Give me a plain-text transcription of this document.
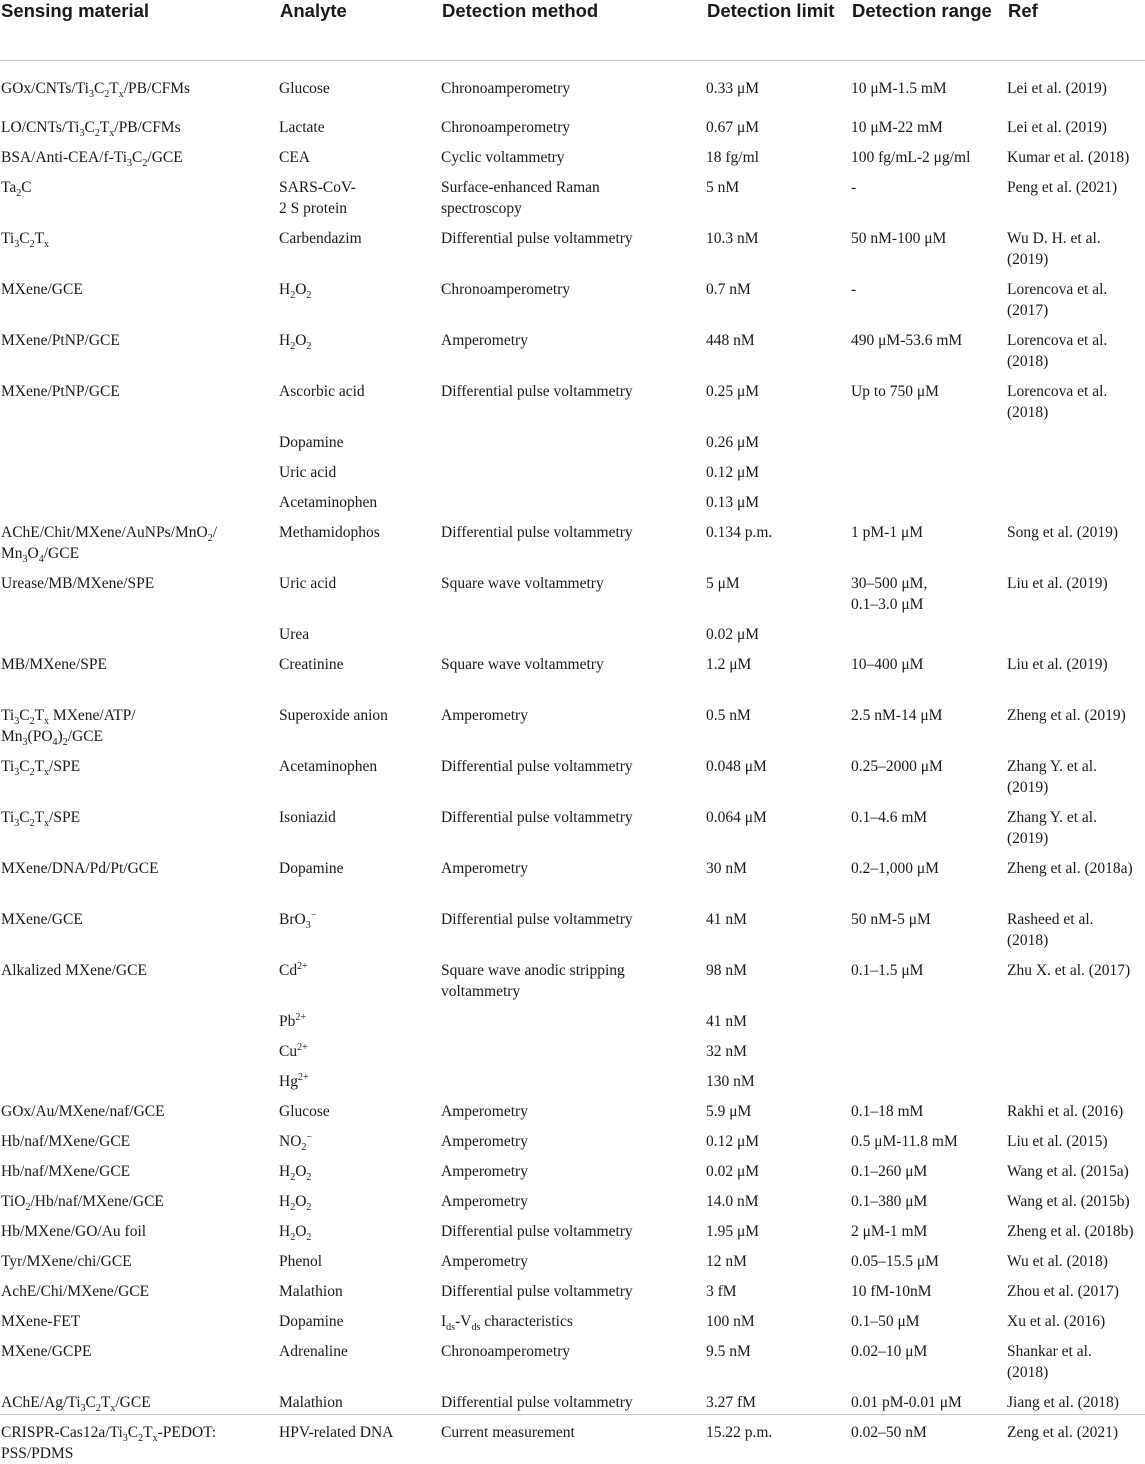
Sensing material	Analyte	Detection method	Detection limit	Detection range	Ref
GOx/$CNTs/Ti_3C_2T_x/PB$/CFMs	Glucose	Chronoamperometry	0.33 μM	10 μM-1.5 mM	Lei et al. (2019)
$LO/CNTs/Ti_3C_2T_x/PB$/CFMs	Lactate	Chronoamperometry	0.67 μM	10 μM-22 mM	Lei et al. (2019)
BSA/$Anti-CEA/f-Ti_3C_2$/GCE	CEA	Cyclic voltammetry	18 fg/ml	100 fg/mL-2 μg/ml	Kumar et al. (2018)
$Ta_2C$	SARS-CoV-
2 S protein	Surface-enhanced Raman
spectroscopy	5 nM	-	Peng et al. (2021)
$Ti_3C_2T_x$	Carbendazim	Differential pulse voltammetry	10.3 nM	50 nM-100 μM	Wu D. H. et al.
(2019)
MXene/GCE	$H_2O_2$	Chronoamperometry	0.7 nM	-	Lorencova et al.
(2017)
MXene/PtNP/GCE	$H_2O_2$	Amperometry	448 nM	490 μM-53.6 mM	Lorencova et al.
(2018)
MXene/PtNP/GCE	Ascorbic acid	Differential pulse voltammetry	0.25 μM	Up to 750 μM	Lorencova et al.
(2018)
	Dopamine		0.26 μM		
	Uric acid		0.12 μM		
	Acetaminophen		0.13 μM		
AChE/Chit/MXene/AuNPs/MnO$_2$/
$Mn_3O_4$/GCE	Methamidophos	Differential pulse voltammetry	0.134 p.m.	1 pM-1 μM	Song et al. (2019)
Urease/MB/MXene/SPE	Uric acid	Square wave voltammetry	5 μM	30–500 μM,
0.1–3.0 μM	Liu et al. (2019)
	Urea		0.02 μM		
MB/MXene/SPE	Creatinine	Square wave voltammetry	1.2 μM	10–400 μM	Liu et al. (2019)
$Ti_3C_2T_x$ MXene/ATP/
$Mn_3(PO_4)_2$/GCE	Superoxide anion	Amperometry	0.5 nM	2.5 nM-14 μM	Zheng et al. (2019)
$Ti_3C_2T_x$/SPE	Acetaminophen	Differential pulse voltammetry	0.048 μM	0.25–2000 μM	Zhang Y. et al.
(2019)
$Ti_3C_2T_x$/SPE	Isoniazid	Differential pulse voltammetry	0.064 μM	0.1–4.6 mM	Zhang Y. et al.
(2019)
MXene/DNA/Pd/Pt/GCE	Dopamine	Amperometry	30 nM	0.2–1,000 μM	Zheng et al. (2018a)
MXene/GCE	BrO$_3$−	Differential pulse voltammetry	41 nM	50 nM-5 μM	Rasheed et al.
(2018)
Alkalized MXene/GCE	$Cd^{2+}$	Square wave anodic stripping
voltammetry	98 nM	0.1–1.5 μM	Zhu X. et al. (2017)
	$Pb^{2+}$		41 nM		
	$Cu^{2+}$		32 nM		
	$Hg^{2+}$		130 nM		
GOx/Au/MXene/naf/GCE	Glucose	Amperometry	5.9 μM	0.1–18 mM	Rakhi et al. (2016)
Hb/naf/MXene/GCE	$NO_2^-$	Amperometry	0.12 μM	0.5 μM-11.8 mM	Liu et al. (2015)
Hb/naf/MXene/GCE	$H_2O_2$	Amperometry	0.02 μM	0.1–260 μM	Wang et al. (2015a)
TiO$_2$/Hb/naf/MXene/GCE	$H_2O_2$	Amperometry	14.0 nM	0.1–380 μM	Wang et al. (2015b)
Hb/MXene/GO/Au foil	$H_2O_2$	Differential pulse voltammetry	1.95 μM	2 μM-1 mM	Zheng et al. (2018b)
Tyr/MXene/chi/GCE	Phenol	Amperometry	12 nM	0.05–15.5 μM	Wu et al. (2018)
AchE/Chi/MXene/GCE	Malathion	Differential pulse voltammetry	3 fM	10 fM-10nM	Zhou et al. (2017)
MXene-FET	Dopamine	$I_{ds}-V_{ds}$ characteristics	100 nM	0.1–50 μM	Xu et al. (2016)
MXene/GCPE	Adrenaline	Chronoamperometry	9.5 nM	0.02–10 μM	Shankar et al.
(2018)
AChE/$Ag/Ti_3C_2T_x$/GCE	Malathion	Differential pulse voltammetry	3.27 fM	0.01 pM-0.01 μM	Jiang et al. (2018)
CRISPR-$Cas12a/Ti_3C_2T_x$-PEDOT:
PSS/PDMS	HPV-related DNA	Current measurement	15.22 p.m.	0.02–50 nM	Zeng et al. (2021)
